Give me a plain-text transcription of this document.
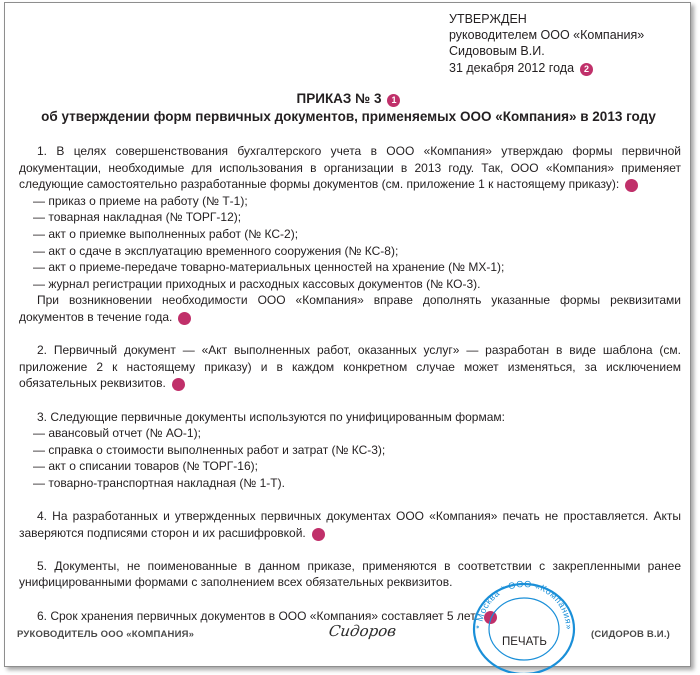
УТВЕРЖДЕН
руководителем ООО «Компания»
Сидововым В.И.
31 декабря 2012 года 2
ПРИКАЗ № 3 1
об утверждении форм первичных документов, применяемых ООО «Компания» в 2013 году

1. В целях совершенствования бухгалтерского учета в ООО «Компания» утверждаю формы первичной документации, необходимые для использования в организации в 2013 году. Так, ООО «Компания» применяет следующие самостоятельно разработанные формы документов (см. приложение 1 к настоящему приказу):	3

— приказ о приеме на работу (№ Т-1);
— товарная накладная (№ ТОРГ-12);
— акт о приемке выполненных работ (№ КС-2);
— акт о сдаче в эксплуатацию временного сооружения (№ КС-8);
— акт о приеме-передаче товарно-материальных ценностей на хранение (№ МХ-1);
— журнал регистрации приходных и расходных кассовых документов (№ КО-3).

При возникновении необходимости ООО «Компания» вправе дополнять указанные формы реквизитами документов в течение года.	1

2. Первичный документ — «Акт выполненных работ, оказанных услуг» — разработан в виде шаблона (см. приложение 2 к настоящему приказу) и в каждом конкретном случае может изменяться, за исключением обязательных реквизитов.	4

3. Следующие первичные документы используются по унифицированным формам:

— авансовый отчет (№ АО-1);
— справка о стоимости выполненных работ и затрат (№ КС-3);
— акт о списании товаров (№ ТОРГ-16);
— товарно-транспортная накладная (№ 1-Т).

4. На разработанных и утвержденных первичных документах ООО «Компания» печать не проставляется. Акты заверяются подписями сторон и их расшифровкой.	5

5. Документы, не поименованные в данном приказе, применяются в соответствии с закрепленными ранее унифицированными формами с заполнением всех обязательных реквизитов.

6. Срок хранения первичных документов в ООО «Компания» составляет 5 лет.	6

РУКОВОДИТЕЛЬ ООО «КОМПАНИЯ»	Сидоров	* Москва * ООО «Компания»
ПЕЧАТЬ
(СИДОРОВ В.И.)
